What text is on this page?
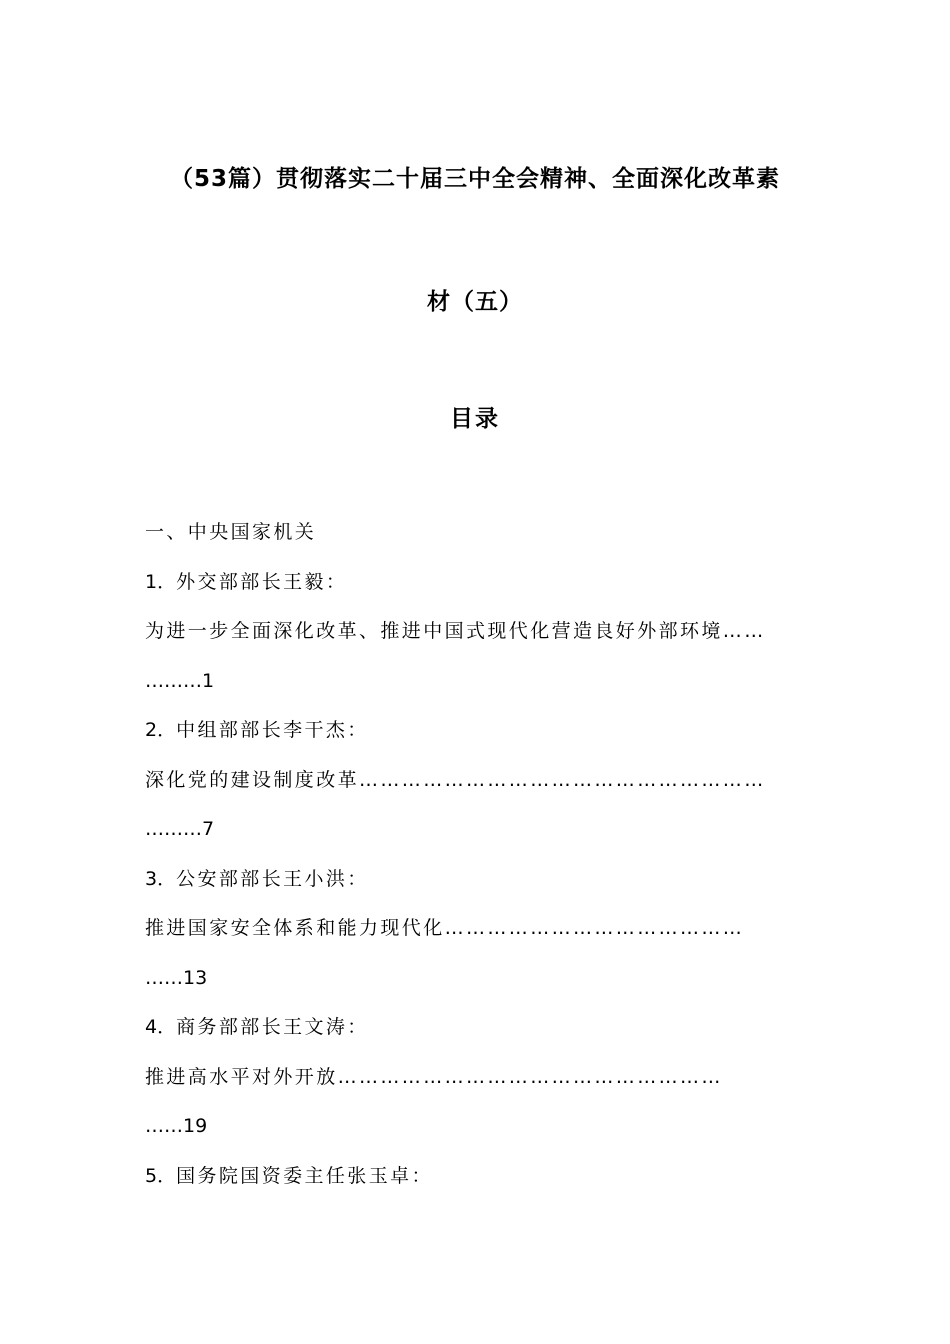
（53篇）贯彻落实二十届三中全会精神、全面深化改革素
材（五）
目录
一、中央国家机关
1．外交部部长王毅：
为进一步全面深化改革、推进中国式现代化营造良好外部环境……
………1
2．中组部部长李干杰：
深化党的建设制度改革…………………………………………………
………7
3．公安部部长王小洪：
推进国家安全体系和能力现代化……………………………………
……13
4．商务部部长王文涛：
推进高水平对外开放………………………………………………
……19
5．国务院国资委主任张玉卓：
